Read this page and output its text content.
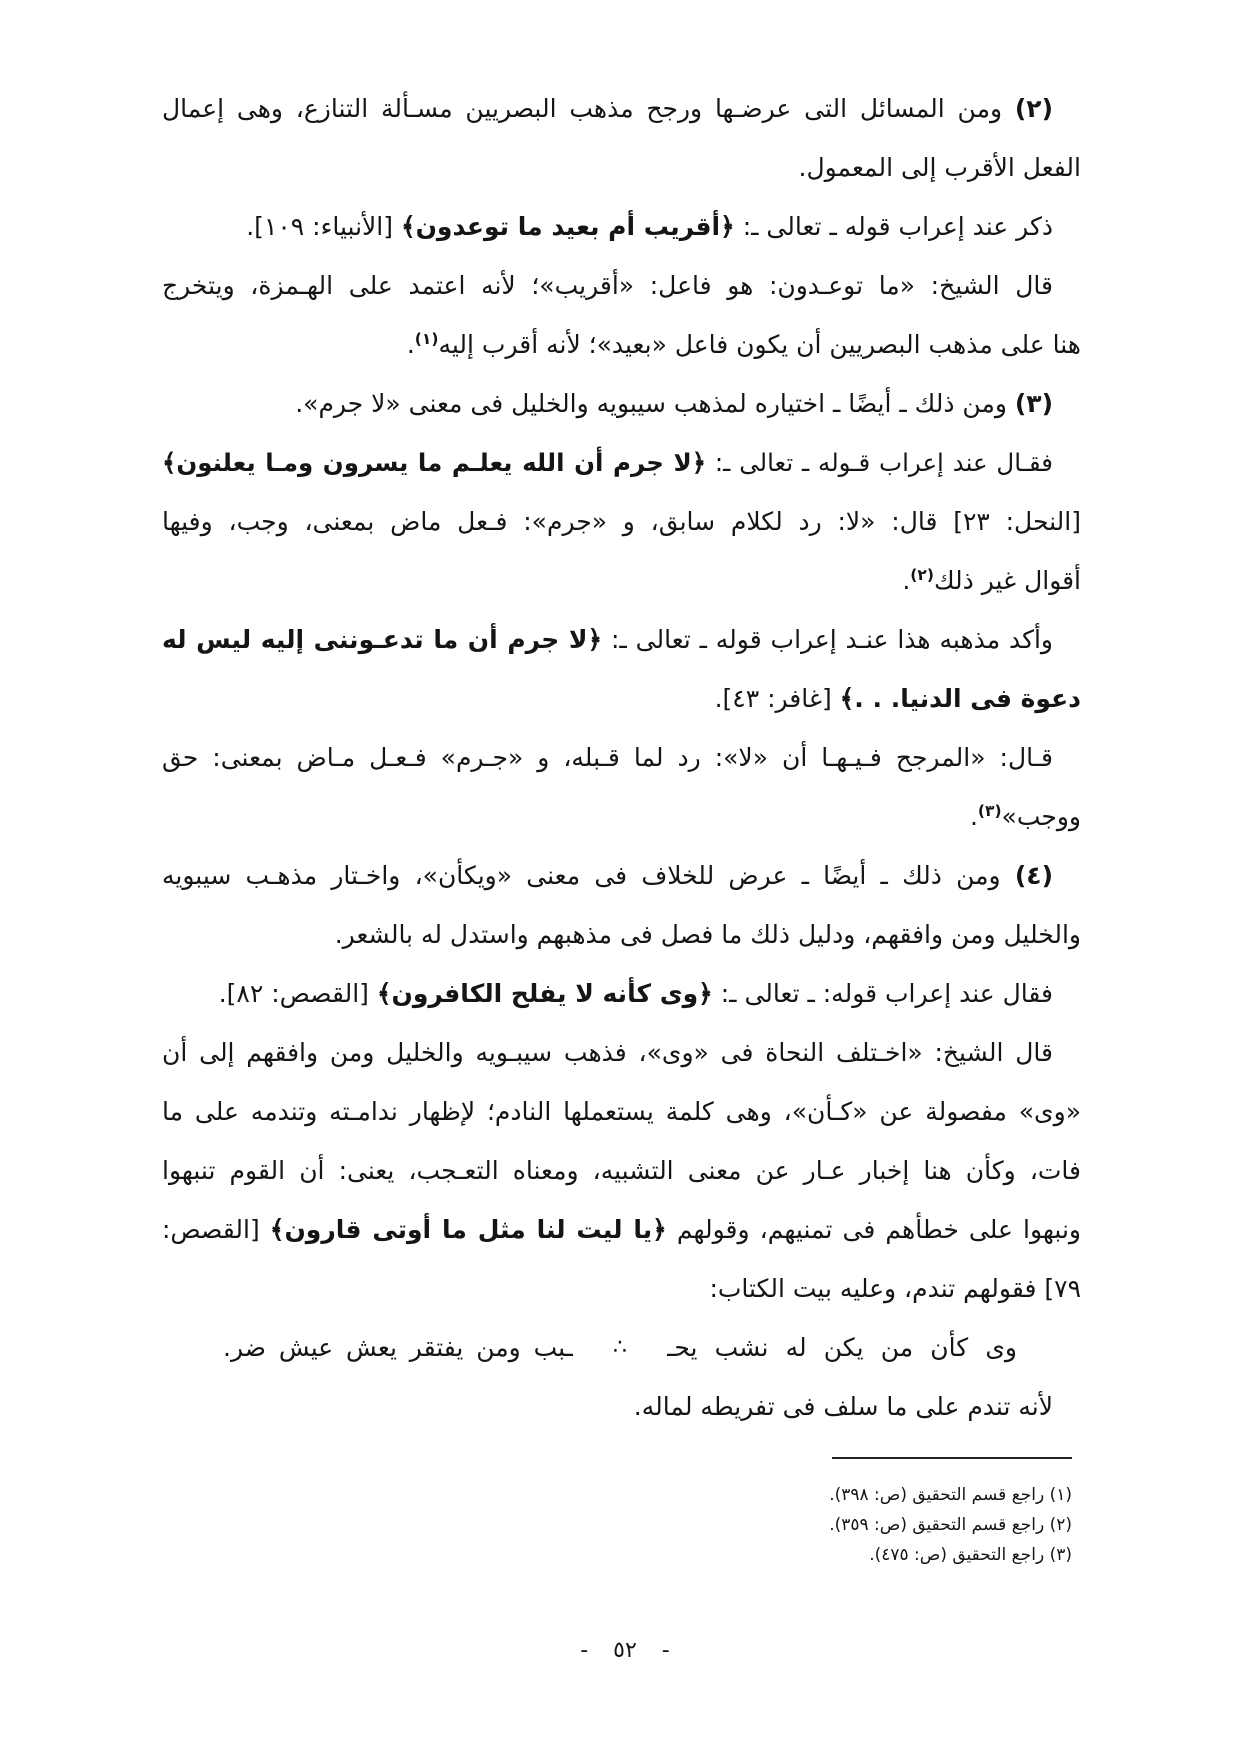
(٢) ومن المسائل التى عرضـها ورجح مذهب البصريين مسـألة التنازع، وهى إعمال
الفعل الأقرب إلى المعمول.
ذكر عند إعراب قوله ـ تعالى ـ: ﴿أقريب أم بعيد ما توعدون﴾ [الأنبياء: ١٠٩].
قال الشيخ: «ما توعـدون: هو فاعل: «أقريب»؛ لأنه اعتمد على الهـمزة، ويتخرج
هنا على مذهب البصريين أن يكون فاعل «بعيد»؛ لأنه أقرب إليه$^{(١)}$.
(٣) ومن ذلك ـ أيضًا ـ اختياره لمذهب سيبويه والخليل فى معنى «لا جرم».
فقـال عند إعراب قـوله ـ تعالى ـ: ﴿لا جرم أن الله يعلـم ما يسرون ومـا يعلنون﴾
[النحل: ٢٣] قال: «لا: رد لكلام سابق، و «جرم»: فـعل ماض بمعنى، وجب، وفيها
أقوال غير ذلك$^{(٢)}$.
وأكد مذهبه هذا عنـد إعراب قوله ـ تعالى ـ: ﴿لا جرم أن ما تدعـوننى إليه ليس له
دعوة فى الدنيا. . .﴾ [غافر: ٤٣].
قـال: «المرجح فـيـهـا أن «لا»: رد لما قـبله، و «جـرم» فـعـل مـاض بمعنى: حق
ووجب»$^{(٣)}$.
(٤) ومن ذلك ـ أيضًا ـ عرض للخلاف فى معنى «ويكأن»، واخـتار مذهـب سيبويه
والخليل ومن وافقهم، ودليل ذلك ما فصل فى مذهبهم واستدل له بالشعر.
فقال عند إعراب قوله: ـ تعالى ـ: ﴿وى كأنه لا يفلح الكافرون﴾ [القصص: ٨٢].
قال الشيخ: «اخـتلف النحاة فى «وى»، فذهب سيبـويه والخليل ومن وافقهم إلى أن
«وى» مفصولة عن «كـأن»، وهى كلمة يستعملها النادم؛ لإظهار ندامـته وتندمه على ما
فات، وكأن هنا إخبار عـار عن معنى التشبيه، ومعناه التعـجب، يعنى: أن القوم تنبهوا
ونبهوا على خطأهم فى تمنيهم، وقولهم ﴿يا ليت لنا مثل ما أوتى قارون﴾ [القصص:
٧٩] فقولهم تندم، وعليه بيت الكتاب:
وى كأن من يكن له نشب يحـ
∴
ـبب ومن يفتقر يعش عيش ضر.
لأنه تندم على ما سلف فى تفريطه لماله.
(١) راجع قسم التحقيق (ص: ٣٩٨).
(٢) راجع قسم التحقيق (ص: ٣٥٩).
(٣) راجع التحقيق (ص: ٤٧٥).
- ٥٢ -
